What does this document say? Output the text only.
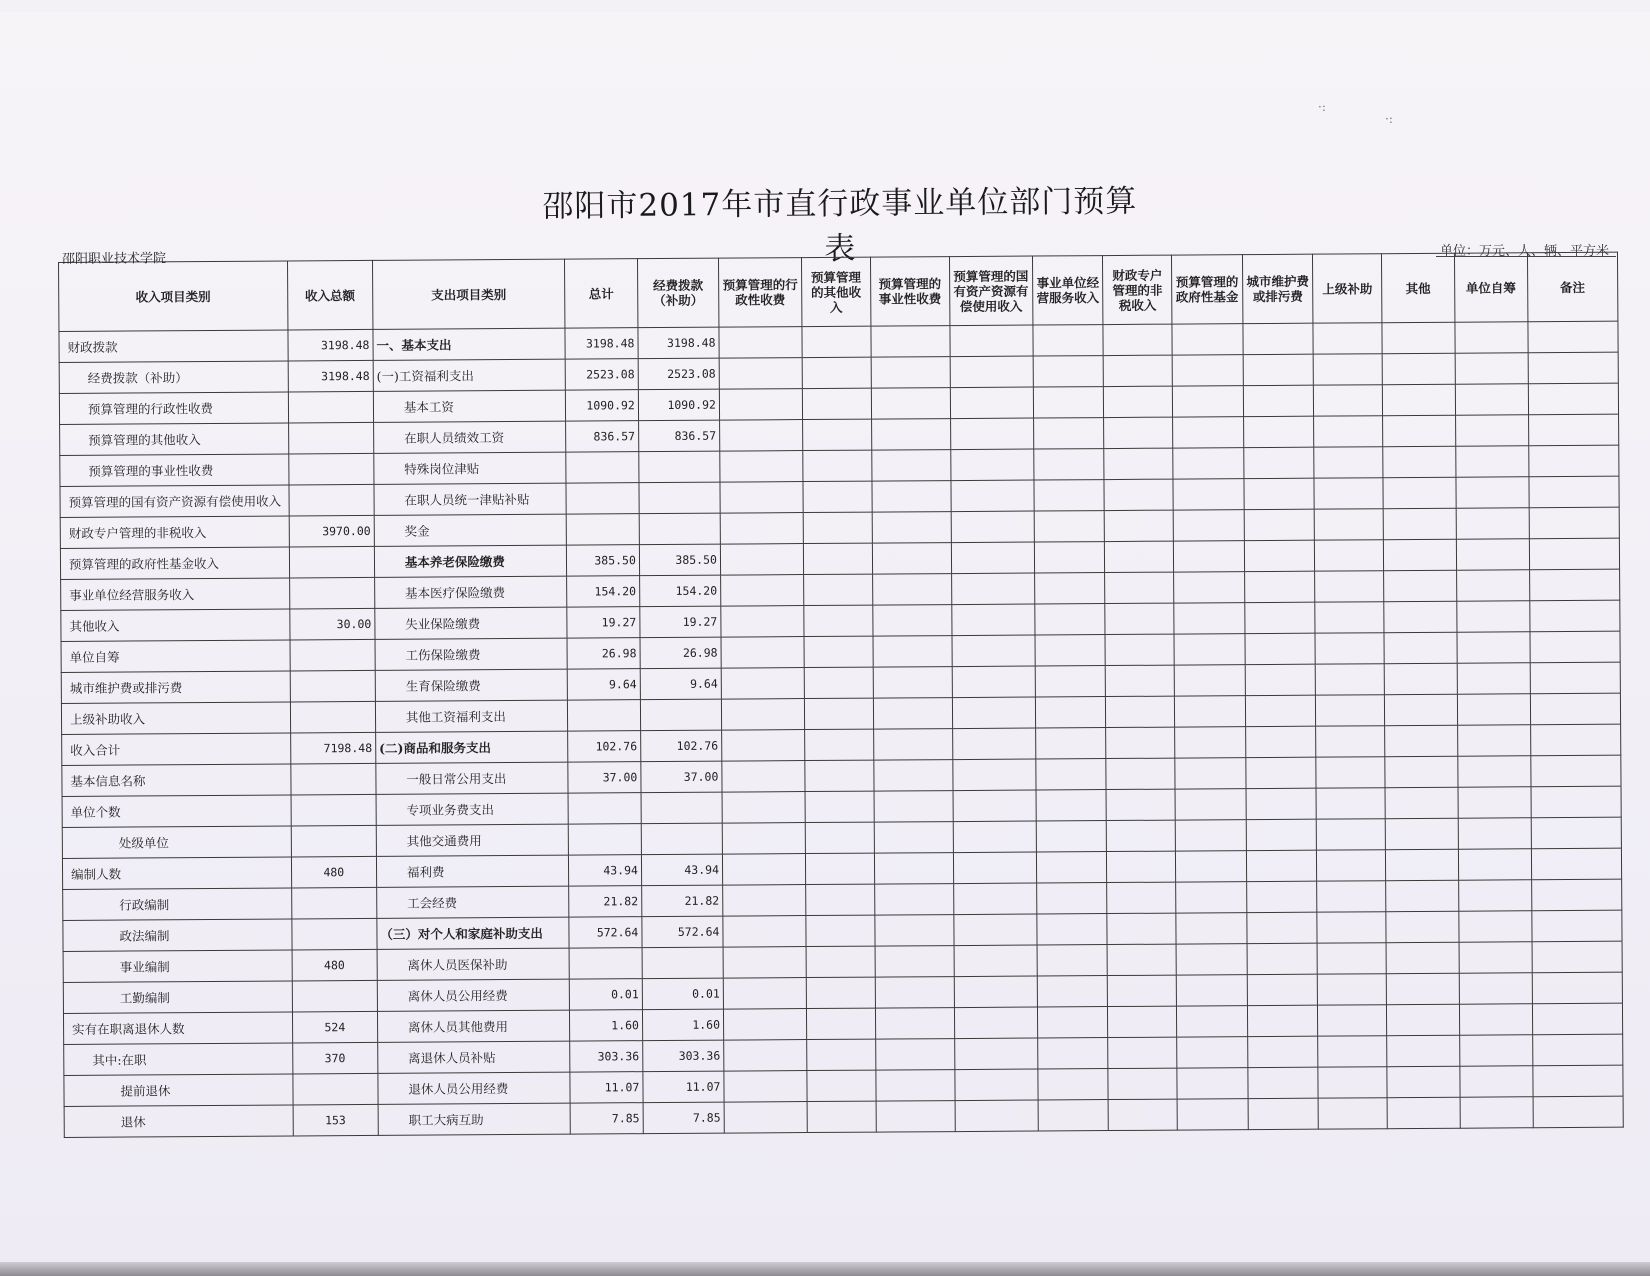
邵阳市2017年市直行政事业单位部门预算表	单位：万元、人、辆、平方米
邵阳职业技术学院
收入项目类别	收入总额	支出项目类别	总计	经费拨款（补助）	预算管理的行政性收费	预算管理的其他收入	预算管理的事业性收费	预算管理的国有资产资源有偿使用收入	事业单位经营服务收入	财政专户管理的非税收入	预算管理的政府性基金	城市维护费或排污费	上级补助	其他	单位自筹	备注
财政拨款	3198.48	一、基本支出	3198.48	3198.48												
经费拨款（补助）	3198.48	(一)工资福利支出	2523.08	2523.08												
预算管理的行政性收费		基本工资	1090.92	1090.92												
预算管理的其他收入		在职人员绩效工资	836.57	836.57												
预算管理的事业性收费		特殊岗位津贴														
预算管理的国有资产资源有偿使用收入		在职人员统一津贴补贴														
财政专户管理的非税收入	3970.00	奖金														
预算管理的政府性基金收入		基本养老保险缴费	385.50	385.50												
事业单位经营服务收入		基本医疗保险缴费	154.20	154.20												
其他收入	30.00	失业保险缴费	19.27	19.27												
单位自筹		工伤保险缴费	26.98	26.98												
城市维护费或排污费		生育保险缴费	9.64	9.64												
上级补助收入		其他工资福利支出														
收入合计	7198.48	(二)商品和服务支出	102.76	102.76												
基本信息名称		一般日常公用支出	37.00	37.00												
单位个数		专项业务费支出														
处级单位		其他交通费用														
编制人数	480	福利费	43.94	43.94												
行政编制		工会经费	21.82	21.82												
政法编制		（三）对个人和家庭补助支出	572.64	572.64												
事业编制	480	离休人员医保补助														
工勤编制		离休人员公用经费	0.01	0.01												
实有在职离退休人数	524	离休人员其他费用	1.60	1.60												
其中:在职	370	离退休人员补贴	303.36	303.36												
提前退休		退休人员公用经费	11.07	11.07												
退休	153	职工大病互助	7.85	7.85												
·:
·:
